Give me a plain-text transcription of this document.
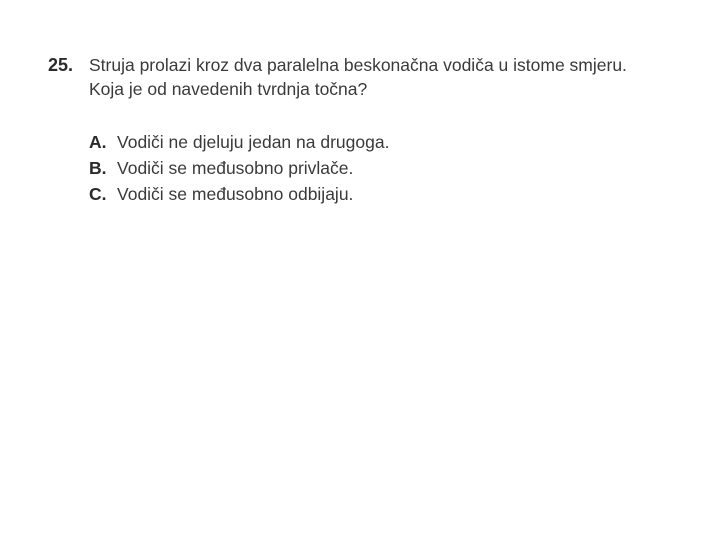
25. Struja prolazi kroz dva paralelna beskonačna vodiča u istome smjeru.

Koja je od navedenih tvrdnja točna?

A. Vodiči ne djeluju jedan na drugoga.
B. Vodiči se međusobno privlače.
C. Vodiči se međusobno odbijaju.
